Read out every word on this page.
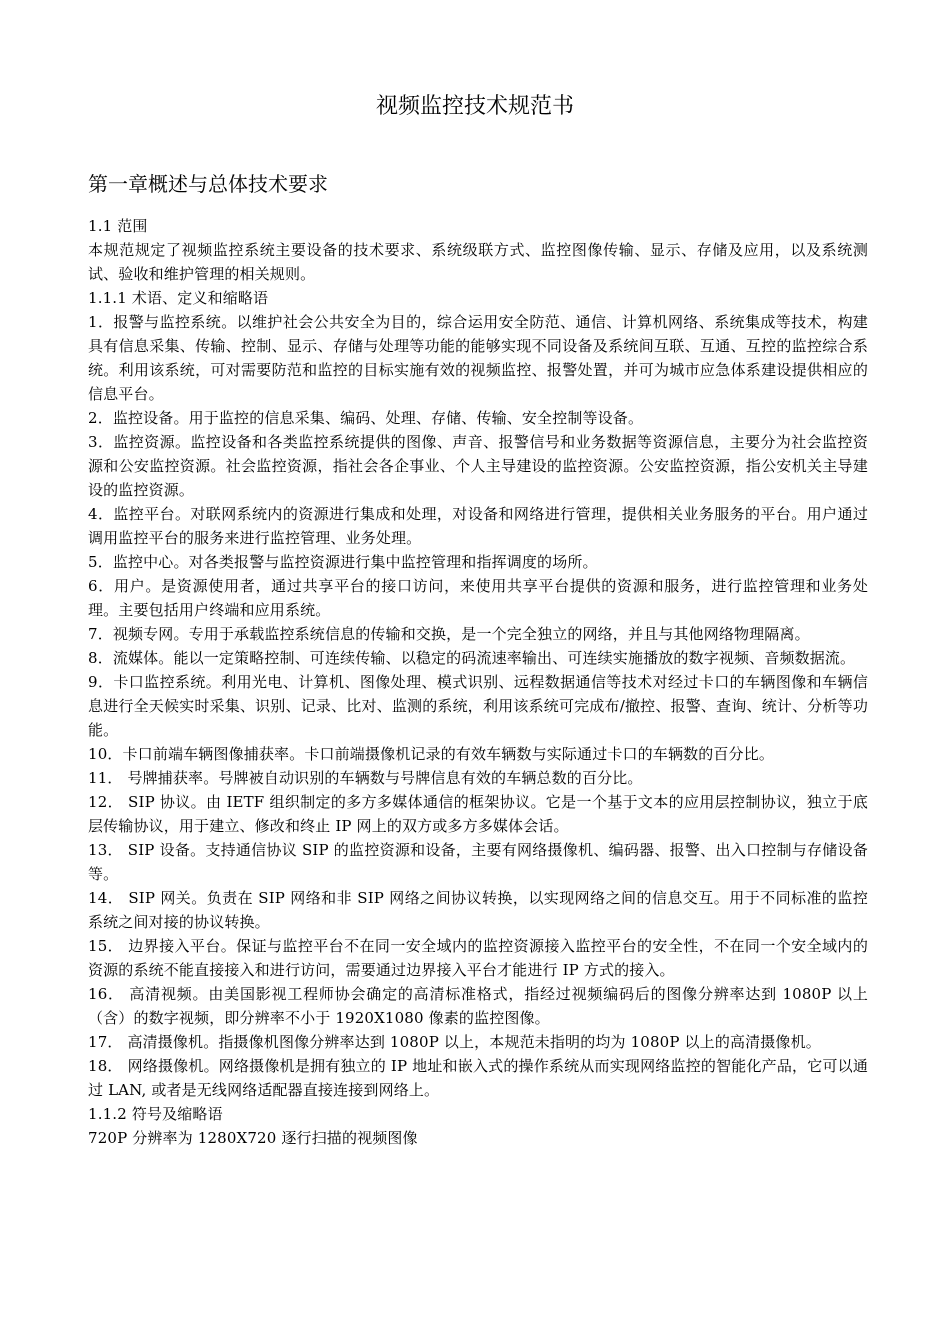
视频监控技术规范书
第一章概述与总体技术要求

1.1 范围

本规范规定了视频监控系统主要设备的技术要求、系统级联方式、监控图像传输、显示、存储及应用，以及系统测试、验收和维护管理的相关规则。

1.1.1 术语、定义和缩略语

1．报警与监控系统。以维护社会公共安全为目的，综合运用安全防范、通信、计算机网络、系统集成等技术，构建具有信息采集、传输、控制、显示、存储与处理等功能的能够实现不同设备及系统间互联、互通、互控的监控综合系统。利用该系统，可对需要防范和监控的目标实施有效的视频监控、报警处置，并可为城市应急体系建设提供相应的信息平台。

2．监控设备。用于监控的信息采集、编码、处理、存储、传输、安全控制等设备。

3．监控资源。监控设备和各类监控系统提供的图像、声音、报警信号和业务数据等资源信息，主要分为社会监控资源和公安监控资源。社会监控资源，指社会各企事业、个人主导建设的监控资源。公安监控资源，指公安机关主导建设的监控资源。

4．监控平台。对联网系统内的资源进行集成和处理，对设备和网络进行管理，提供相关业务服务的平台。用户通过调用监控平台的服务来进行监控管理、业务处理。

5．监控中心。对各类报警与监控资源进行集中监控管理和指挥调度的场所。

6．用户。是资源使用者，通过共享平台的接口访问，来使用共享平台提供的资源和服务，进行监控管理和业务处理。主要包括用户终端和应用系统。

7．视频专网。专用于承载监控系统信息的传输和交换，是一个完全独立的网络，并且与其他网络物理隔离。

8．流媒体。能以一定策略控制、可连续传输、以稳定的码流速率输出、可连续实施播放的数字视频、音频数据流。

9．卡口监控系统。利用光电、计算机、图像处理、模式识别、远程数据通信等技术对经过卡口的车辆图像和车辆信息进行全天候实时采集、识别、记录、比对、监测的系统，利用该系统可完成布/撤控、报警、查询、统计、分析等功能。

10．卡口前端车辆图像捕获率。卡口前端摄像机记录的有效车辆数与实际通过卡口的车辆数的百分比。

11． 号牌捕获率。号牌被自动识别的车辆数与号牌信息有效的车辆总数的百分比。

12． SIP 协议。由 IETF 组织制定的多方多媒体通信的框架协议。它是一个基于文本的应用层控制协议，独立于底层传输协议，用于建立、修改和终止 IP 网上的双方或多方多媒体会话。

13． SIP 设备。支持通信协议 SIP 的监控资源和设备，主要有网络摄像机、编码器、报警、出入口控制与存储设备等。

14． SIP 网关。负责在 SIP 网络和非 SIP 网络之间协议转换，以实现网络之间的信息交互。用于不同标准的监控系统之间对接的协议转换。

15． 边界接入平台。保证与监控平台不在同一安全域内的监控资源接入监控平台的安全性，不在同一个安全域内的资源的系统不能直接接入和进行访问，需要通过边界接入平台才能进行 IP 方式的接入。

16． 高清视频。由美国影视工程师协会确定的高清标准格式，指经过视频编码后的图像分辨率达到 1080P 以上（含）的数字视频，即分辨率不小于 1920X1080 像素的监控图像。

17． 高清摄像机。指摄像机图像分辨率达到 1080P 以上，本规范未指明的均为 1080P 以上的高清摄像机。

18． 网络摄像机。网络摄像机是拥有独立的 IP 地址和嵌入式的操作系统从而实现网络监控的智能化产品，它可以通过 LAN, 或者是无线网络适配器直接连接到网络上。

1.1.2 符号及缩略语

720P 分辨率为 1280X720 逐行扫描的视频图像
